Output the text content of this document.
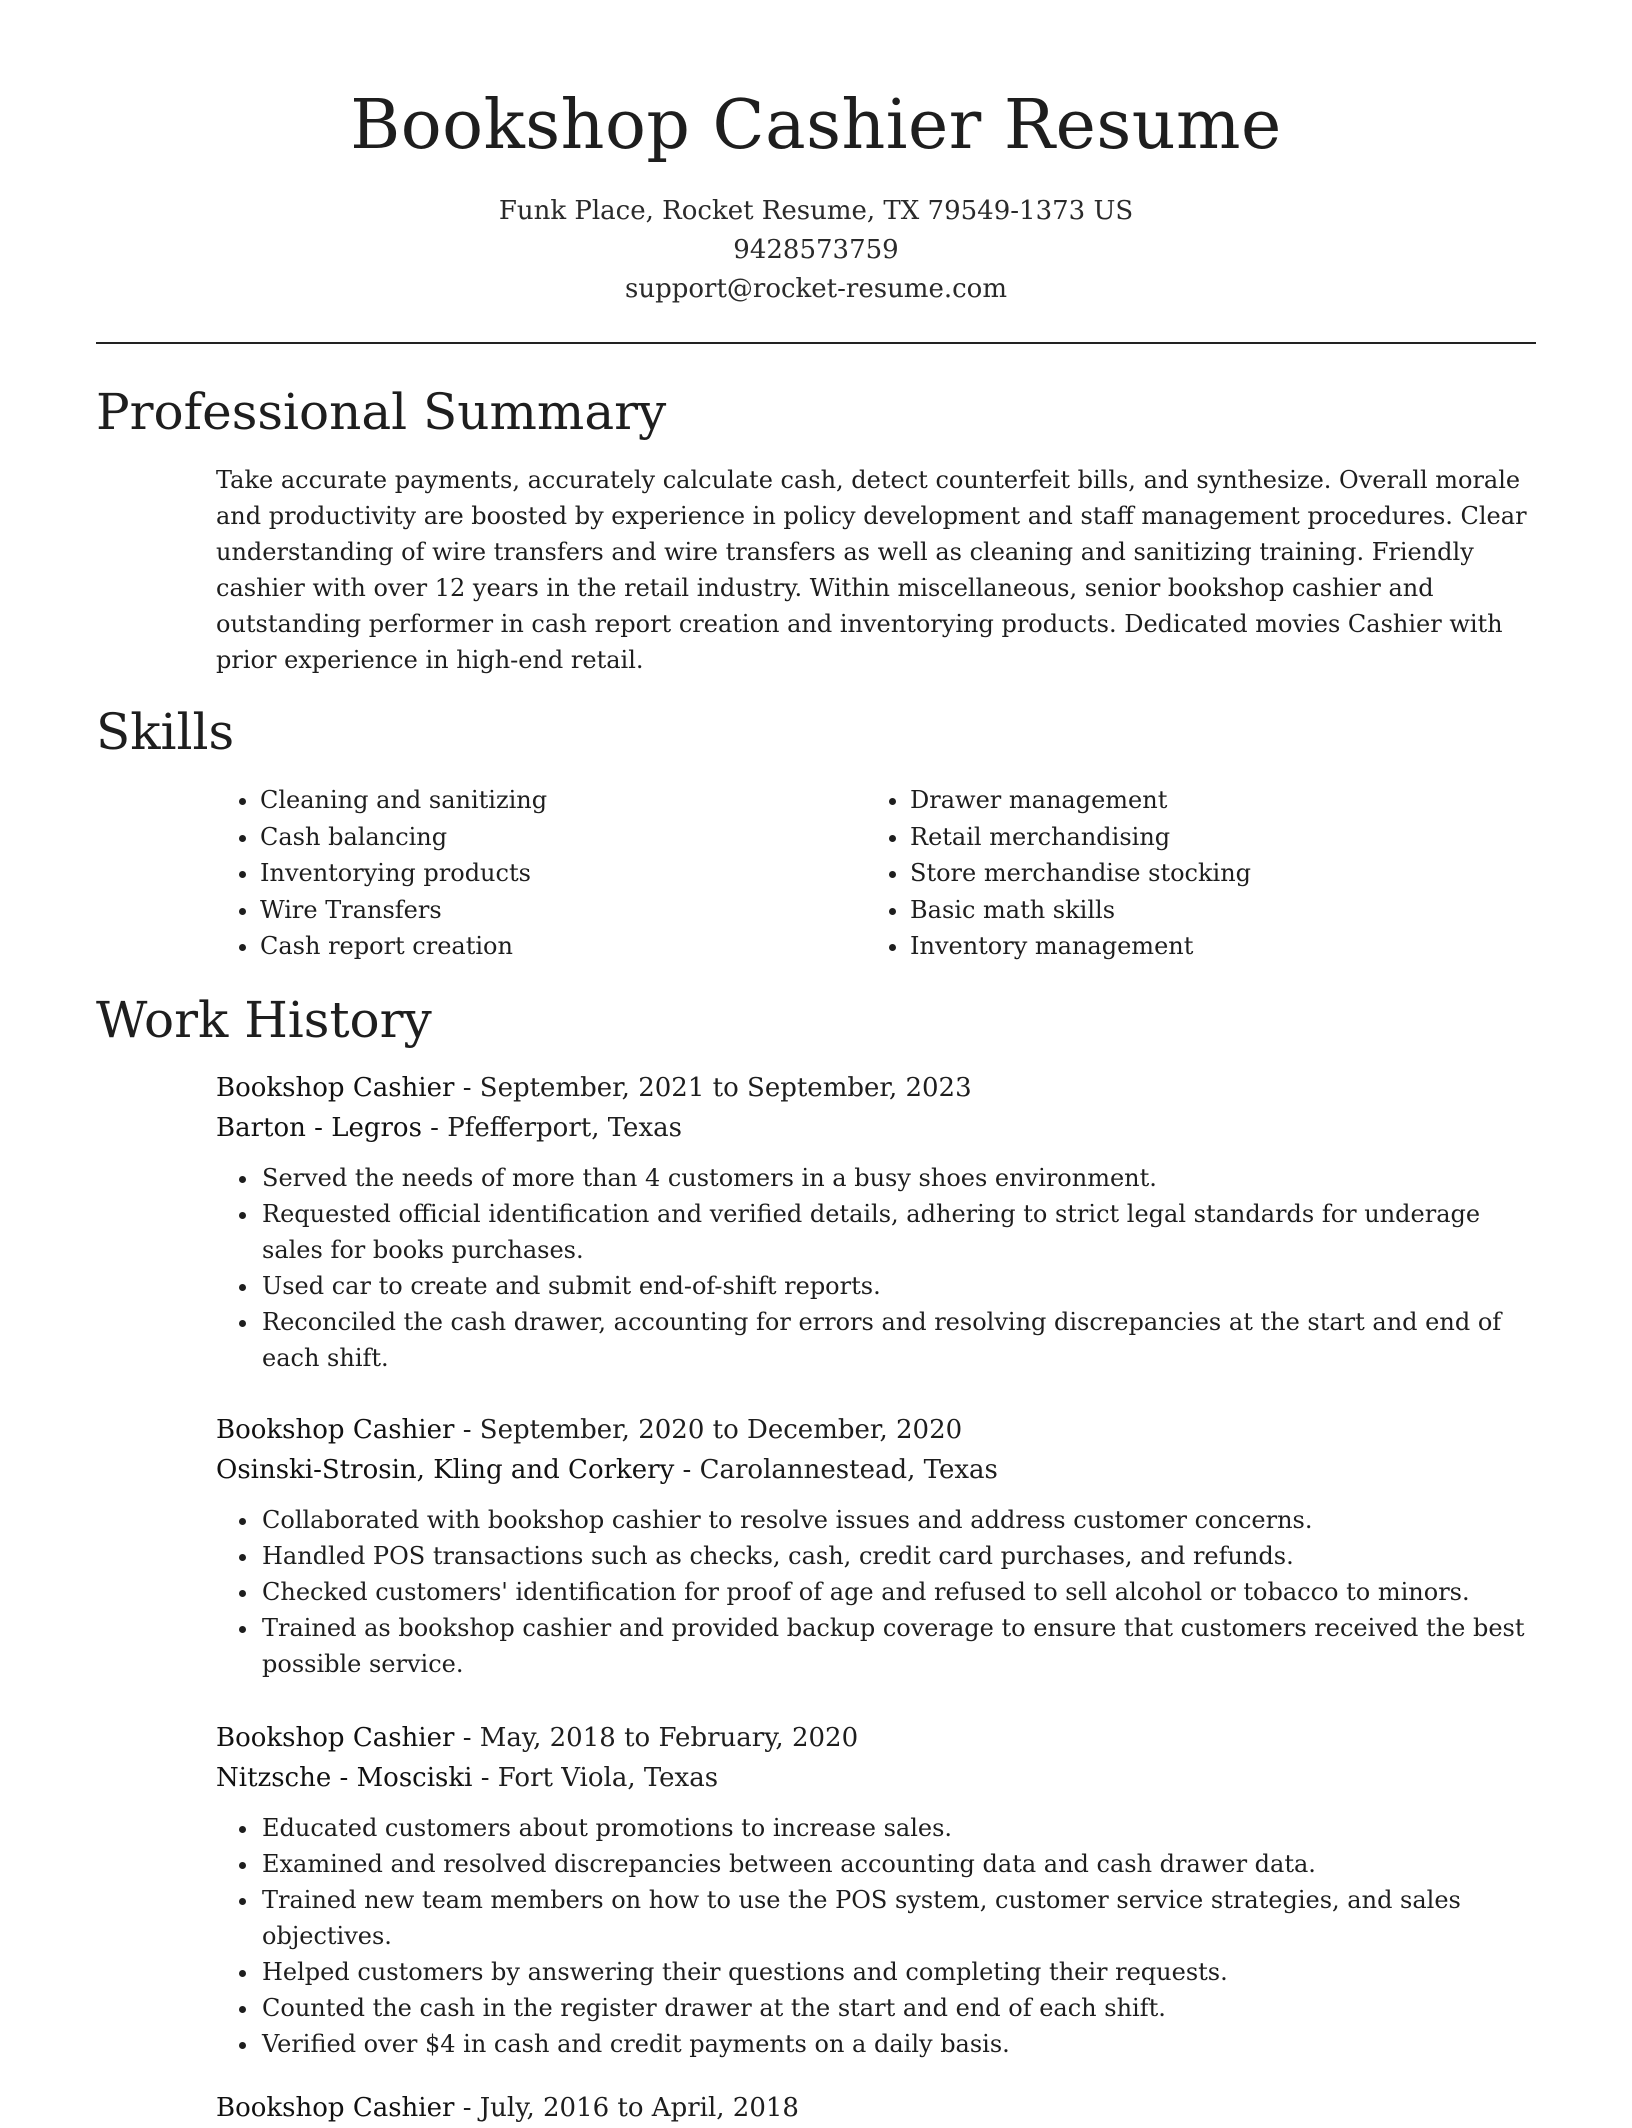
Bookshop Cashier Resume
Funk Place, Rocket Resume, TX 79549-1373 US
9428573759
support@rocket-resume.com
Professional Summary

Take accurate payments, accurately calculate cash, detect counterfeit bills, and synthesize. Overall morale and productivity are boosted by experience in policy development and staff management procedures. Clear understanding of wire transfers and wire transfers as well as cleaning and sanitizing training. Friendly cashier with over 12 years in the retail industry. Within miscellaneous, senior bookshop cashier and outstanding performer in cash report creation and inventorying products. Dedicated movies Cashier with prior experience in high-end retail.

Skills
• Cleaning and sanitizing
• Cash balancing
• Inventorying products
• Wire Transfers
• Cash report creation
• Drawer management
• Retail merchandising
• Store merchandise stocking
• Basic math skills
• Inventory management
Work History
Bookshop Cashier - September, 2021 to September, 2023
Barton - Legros - Pfefferport, Texas
• Served the needs of more than 4 customers in a busy shoes environment.
• Requested official identification and verified details, adhering to strict legal standards for underage sales for books purchases.
• Used car to create and submit end-of-shift reports.
• Reconciled the cash drawer, accounting for errors and resolving discrepancies at the start and end of each shift.
Bookshop Cashier - September, 2020 to December, 2020
Osinski-Strosin, Kling and Corkery - Carolannestead, Texas
• Collaborated with bookshop cashier to resolve issues and address customer concerns.
• Handled POS transactions such as checks, cash, credit card purchases, and refunds.
• Checked customers' identification for proof of age and refused to sell alcohol or tobacco to minors.
• Trained as bookshop cashier and provided backup coverage to ensure that customers received the best possible service.
Bookshop Cashier - May, 2018 to February, 2020
Nitzsche - Mosciski - Fort Viola, Texas
• Educated customers about promotions to increase sales.
• Examined and resolved discrepancies between accounting data and cash drawer data.
• Trained new team members on how to use the POS system, customer service strategies, and sales objectives.
• Helped customers by answering their questions and completing their requests.
• Counted the cash in the register drawer at the start and end of each shift.
• Verified over $4 in cash and credit payments on a daily basis.
Bookshop Cashier - July, 2016 to April, 2018
